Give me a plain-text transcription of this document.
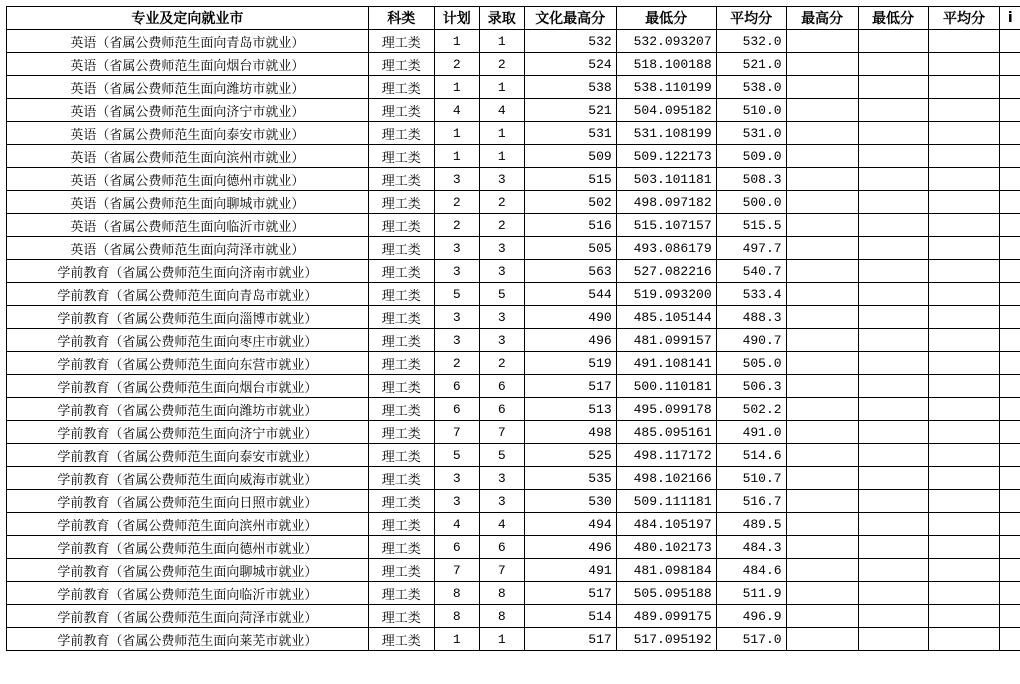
专业及定向就业市	科类	计划	录取	文化最高分	最低分	平均分	最高分	最低分	平均分	i
英语（省属公费师范生面向青岛市就业）	理工类	1	1	532	532.093207	532.0				
英语（省属公费师范生面向烟台市就业）	理工类	2	2	524	518.100188	521.0				
英语（省属公费师范生面向潍坊市就业）	理工类	1	1	538	538.110199	538.0				
英语（省属公费师范生面向济宁市就业）	理工类	4	4	521	504.095182	510.0				
英语（省属公费师范生面向泰安市就业）	理工类	1	1	531	531.108199	531.0				
英语（省属公费师范生面向滨州市就业）	理工类	1	1	509	509.122173	509.0				
英语（省属公费师范生面向德州市就业）	理工类	3	3	515	503.101181	508.3				
英语（省属公费师范生面向聊城市就业）	理工类	2	2	502	498.097182	500.0				
英语（省属公费师范生面向临沂市就业）	理工类	2	2	516	515.107157	515.5				
英语（省属公费师范生面向菏泽市就业）	理工类	3	3	505	493.086179	497.7				
学前教育（省属公费师范生面向济南市就业）	理工类	3	3	563	527.082216	540.7				
学前教育（省属公费师范生面向青岛市就业）	理工类	5	5	544	519.093200	533.4				
学前教育（省属公费师范生面向淄博市就业）	理工类	3	3	490	485.105144	488.3				
学前教育（省属公费师范生面向枣庄市就业）	理工类	3	3	496	481.099157	490.7				
学前教育（省属公费师范生面向东营市就业）	理工类	2	2	519	491.108141	505.0				
学前教育（省属公费师范生面向烟台市就业）	理工类	6	6	517	500.110181	506.3				
学前教育（省属公费师范生面向潍坊市就业）	理工类	6	6	513	495.099178	502.2				
学前教育（省属公费师范生面向济宁市就业）	理工类	7	7	498	485.095161	491.0				
学前教育（省属公费师范生面向泰安市就业）	理工类	5	5	525	498.117172	514.6				
学前教育（省属公费师范生面向威海市就业）	理工类	3	3	535	498.102166	510.7				
学前教育（省属公费师范生面向日照市就业）	理工类	3	3	530	509.111181	516.7				
学前教育（省属公费师范生面向滨州市就业）	理工类	4	4	494	484.105197	489.5				
学前教育（省属公费师范生面向德州市就业）	理工类	6	6	496	480.102173	484.3				
学前教育（省属公费师范生面向聊城市就业）	理工类	7	7	491	481.098184	484.6				
学前教育（省属公费师范生面向临沂市就业）	理工类	8	8	517	505.095188	511.9				
学前教育（省属公费师范生面向菏泽市就业）	理工类	8	8	514	489.099175	496.9				
学前教育（省属公费师范生面向莱芜市就业）	理工类	1	1	517	517.095192	517.0				
